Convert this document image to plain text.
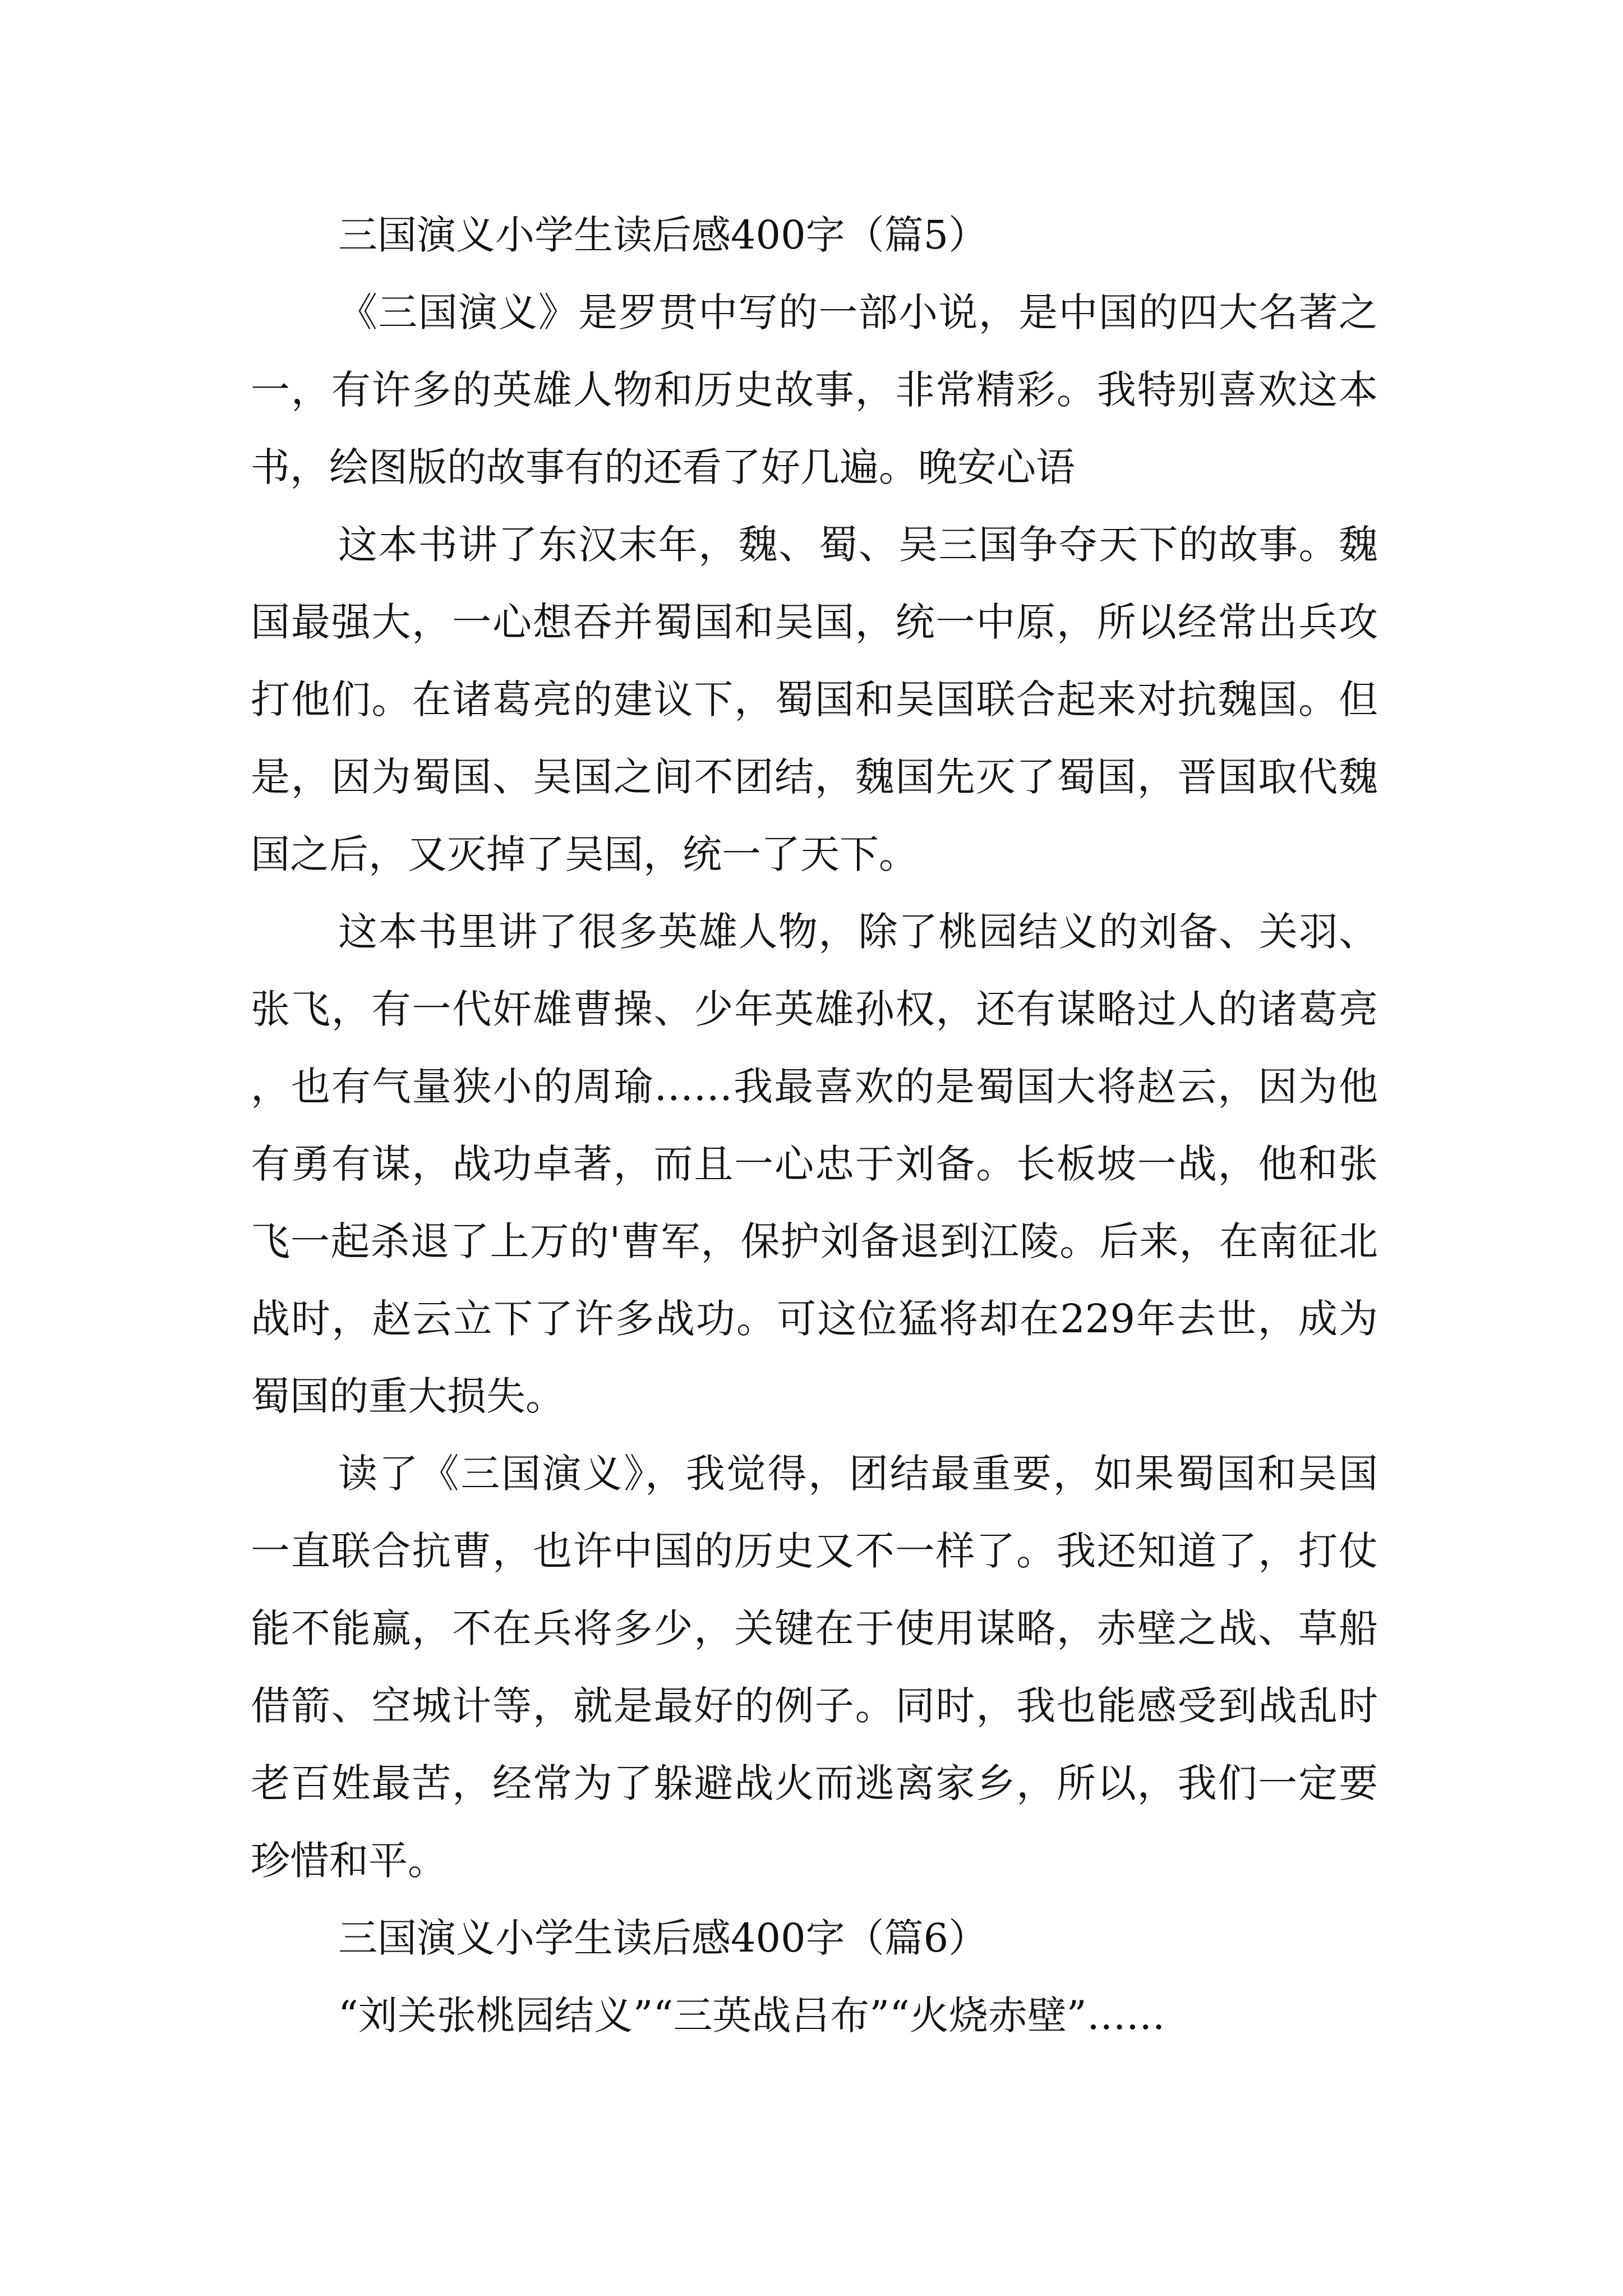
三国演义小学生读后感400字（篇5）

《三国演义》是罗贯中写的一部小说，是中国的四大名著之一，有许多的英雄人物和历史故事，非常精彩。我特别喜欢这本书，绘图版的故事有的还看了好几遍。晚安心语

这本书讲了东汉末年，魏、蜀、吴三国争夺天下的故事。魏国最强大，一心想吞并蜀国和吴国，统一中原，所以经常出兵攻打他们。在诸葛亮的建议下，蜀国和吴国联合起来对抗魏国。但是，因为蜀国、吴国之间不团结，魏国先灭了蜀国，晋国取代魏国之后，又灭掉了吴国，统一了天下。

这本书里讲了很多英雄人物，除了桃园结义的刘备、关羽、张飞，有一代奸雄曹操、少年英雄孙权，还有谋略过人的诸葛亮，也有气量狭小的周瑜……我最喜欢的是蜀国大将赵云，因为他有勇有谋，战功卓著，而且一心忠于刘备。长板坡一战，他和张飞一起杀退了上万的'曹军，保护刘备退到江陵。后来，在南征北战时，赵云立下了许多战功。可这位猛将却在229年去世，成为蜀国的重大损失。

读了《三国演义》，我觉得，团结最重要，如果蜀国和吴国一直联合抗曹，也许中国的历史又不一样了。我还知道了，打仗能不能赢，不在兵将多少，关键在于使用谋略，赤壁之战、草船借箭、空城计等，就是最好的例子。同时，我也能感受到战乱时老百姓最苦，经常为了躲避战火而逃离家乡，所以，我们一定要珍惜和平。

三国演义小学生读后感400字（篇6）

“刘关张桃园结义”“三英战吕布”“火烧赤壁”……
